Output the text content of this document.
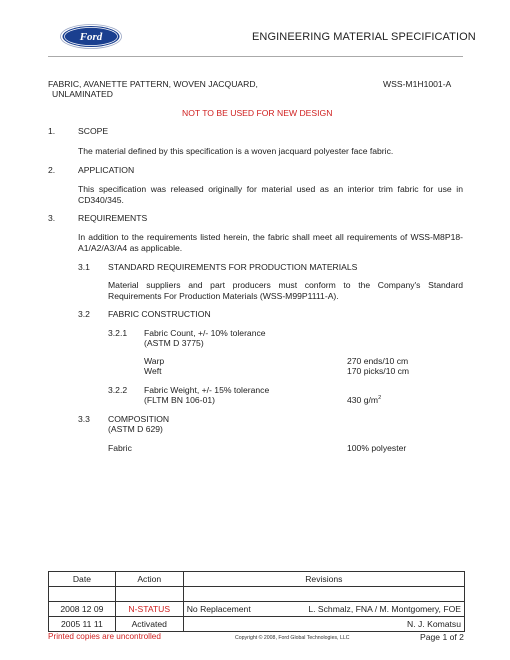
Ford	ENGINEERING MATERIAL SPECIFICATION
FABRIC, AVANETTE PATTERN, WOVEN JACQUARD,
UNLAMINATED
WSS-M1H1001-A
NOT TO BE USED FOR NEW DESIGN
1.	SCOPE
The material defined by this specification is a woven jacquard polyester face fabric.
2.	APPLICATION
This specification was released originally for material used as an interior trim fabric for use in CD340/345.
3.	REQUIREMENTS
In addition to the requirements listed herein, the fabric shall meet all requirements of WSS-M8P18-A1/A2/A3/A4 as applicable.
3.1 STANDARD REQUIREMENTS FOR PRODUCTION MATERIALS
Material suppliers and part producers must conform to the Company's Standard Requirements For Production Materials (WSS-M99P1111-A).
3.2 FABRIC CONSTRUCTION
3.2.1 Fabric Count, +/- 10% tolerance
(ASTM D 3775)
Warp	270 ends/10 cm
Weft	170 picks/10 cm
3.2.2 Fabric Weight, +/- 15% tolerance
(FLTM BN 106-01)	430 $g/m^2$
3.3 COMPOSITION
(ASTM D 629)
Fabric	100% polyester
Date	Action	Revisions	

2008 12 09	N-STATUS	No Replacement	L. Schmalz, FNA / M. Montgomery, FOE
2005 11 11	Activated		N. J. Komatsu
Printed copies are uncontrolled	Copyright © 2008, Ford Global Technologies, LLC	Page 1 of 2
